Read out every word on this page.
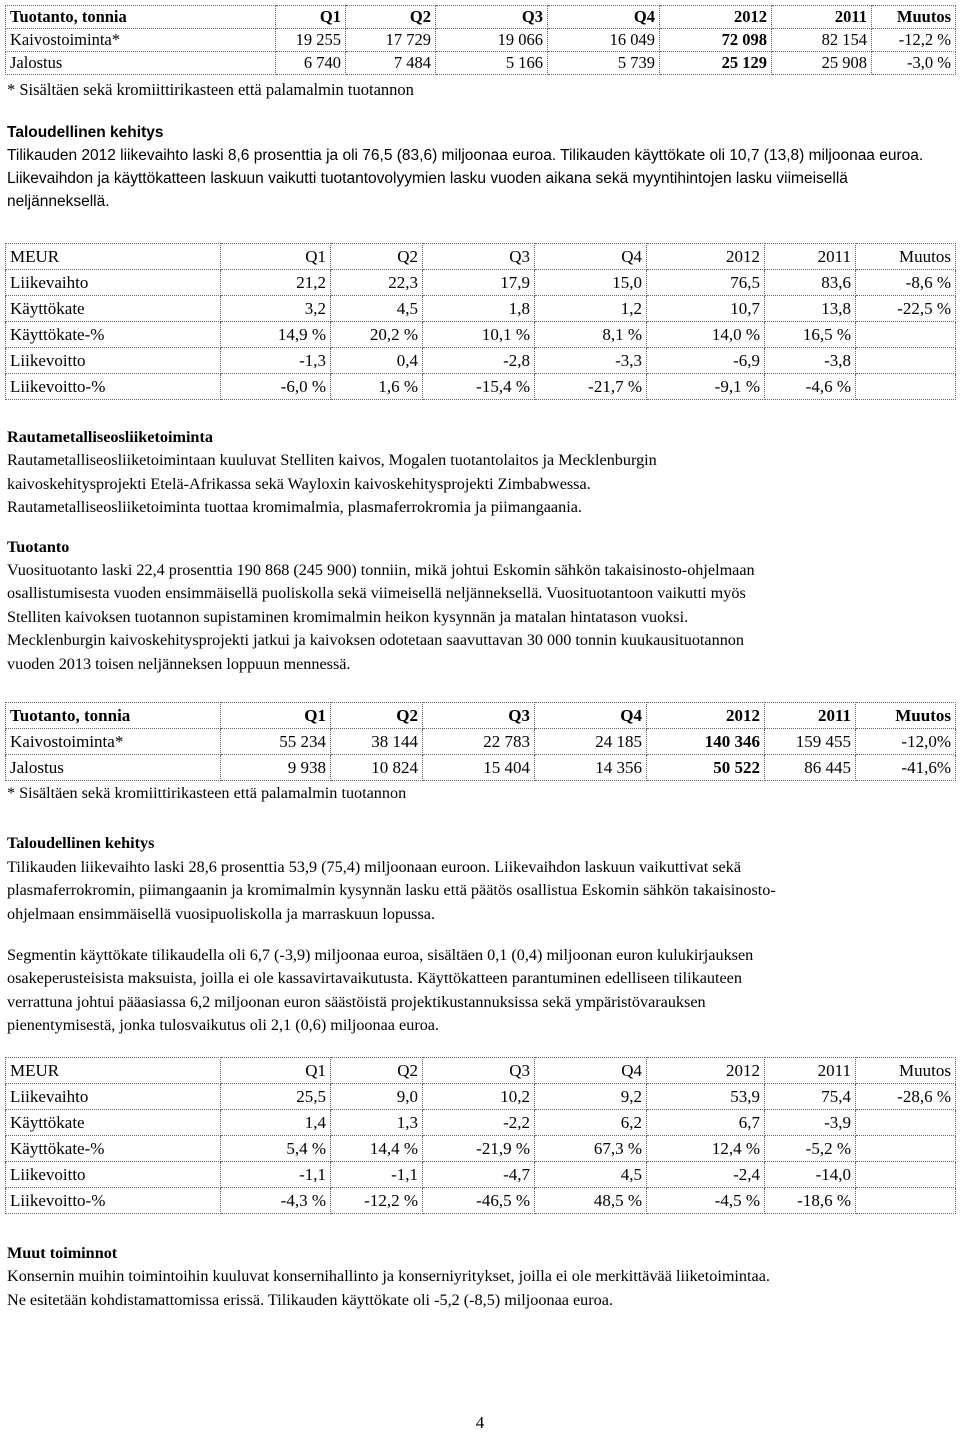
Tuotanto, tonnia	Q1	Q2	Q3	Q4	2012	2011	Muutos
Kaivostoiminta*	19 255	17 729	19 066	16 049	72 098	82 154	-12,2 %
Jalostus	6 740	7 484	5 166	5 739	25 129	25 908	-3,0 %

* Sisältäen sekä kromiittirikasteen että palamalmin tuotannon

Taloudellinen kehitys

Tilikauden 2012 liikevaihto laski 8,6 prosenttia ja oli 76,5 (83,6) miljoonaa euroa. Tilikauden käyttökate oli 10,7 (13,8) miljoonaa euroa. Liikevaihdon ja käyttökatteen laskuun vaikutti tuotantovolyymien lasku vuoden aikana sekä myyntihintojen lasku viimeisellä neljänneksellä.

MEUR	Q1	Q2	Q3	Q4	2012	2011	Muutos
Liikevaihto	21,2	22,3	17,9	15,0	76,5	83,6	-8,6 %
Käyttökate	3,2	4,5	1,8	1,2	10,7	13,8	-22,5 %
Käyttökate-%	14,9 %	20,2 %	10,1 %	8,1 %	14,0 %	16,5 %	
Liikevoitto	-1,3	0,4	-2,8	-3,3	-6,9	-3,8	
Liikevoitto-%	-6,0 %	1,6 %	-15,4 %	-21,7 %	-9,1 %	-4,6 %	

Rautametalliseosliiketoiminta

Rautametalliseosliiketoimintaan kuuluvat Stelliten kaivos, Mogalen tuotantolaitos ja Mecklenburgin

kaivoskehitysprojekti Etelä-Afrikassa sekä Wayloxin kaivoskehitysprojekti Zimbabwessa.

Rautametalliseosliiketoiminta tuottaa kromimalmia, plasmaferrokromia ja piimangaania.

Tuotanto

Vuosituotanto laski 22,4 prosenttia 190 868 (245 900) tonniin, mikä johtui Eskomin sähkön takaisinosto-ohjelmaan

osallistumisesta vuoden ensimmäisellä puoliskolla sekä viimeisellä neljänneksellä. Vuosituotantoon vaikutti myös

Stelliten kaivoksen tuotannon supistaminen kromimalmin heikon kysynnän ja matalan hintatason vuoksi.

Mecklenburgin kaivoskehitysprojekti jatkui ja kaivoksen odotetaan saavuttavan 30 000 tonnin kuukausituotannon

vuoden 2013 toisen neljänneksen loppuun mennessä.

Tuotanto, tonnia	Q1	Q2	Q3	Q4	2012	2011	Muutos
Kaivostoiminta*	55 234	38 144	22 783	24 185	140 346	159 455	-12,0%
Jalostus	9 938	10 824	15 404	14 356	50 522	86 445	-41,6%

* Sisältäen sekä kromiittirikasteen että palamalmin tuotannon

Taloudellinen kehitys

Tilikauden liikevaihto laski 28,6 prosenttia 53,9 (75,4) miljoonaan euroon. Liikevaihdon laskuun vaikuttivat sekä

plasmaferrokromin, piimangaanin ja kromimalmin kysynnän lasku että päätös osallistua Eskomin sähkön takaisinosto-

ohjelmaan ensimmäisellä vuosipuoliskolla ja marraskuun lopussa.

Segmentin käyttökate tilikaudella oli 6,7 (-3,9) miljoonaa euroa, sisältäen 0,1 (0,4) miljoonan euron kulukirjauksen

osakeperusteisista maksuista, joilla ei ole kassavirtavaikutusta. Käyttökatteen parantuminen edelliseen tilikauteen

verrattuna johtui pääasiassa 6,2 miljoonan euron säästöistä projektikustannuksissa sekä ympäristövarauksen

pienentymisestä, jonka tulosvaikutus oli 2,1 (0,6) miljoonaa euroa.

MEUR	Q1	Q2	Q3	Q4	2012	2011	Muutos
Liikevaihto	25,5	9,0	10,2	9,2	53,9	75,4	-28,6 %
Käyttökate	1,4	1,3	-2,2	6,2	6,7	-3,9	
Käyttökate-%	5,4 %	14,4 %	-21,9 %	67,3 %	12,4 %	-5,2 %	
Liikevoitto	-1,1	-1,1	-4,7	4,5	-2,4	-14,0	
Liikevoitto-%	-4,3 %	-12,2 %	-46,5 %	48,5 %	-4,5 %	-18,6 %	

Muut toiminnot

Konsernin muihin toimintoihin kuuluvat konsernihallinto ja konserniyritykset, joilla ei ole merkittävää liiketoimintaa.

Ne esitetään kohdistamattomissa erissä. Tilikauden käyttökate oli -5,2 (-8,5) miljoonaa euroa.

4
